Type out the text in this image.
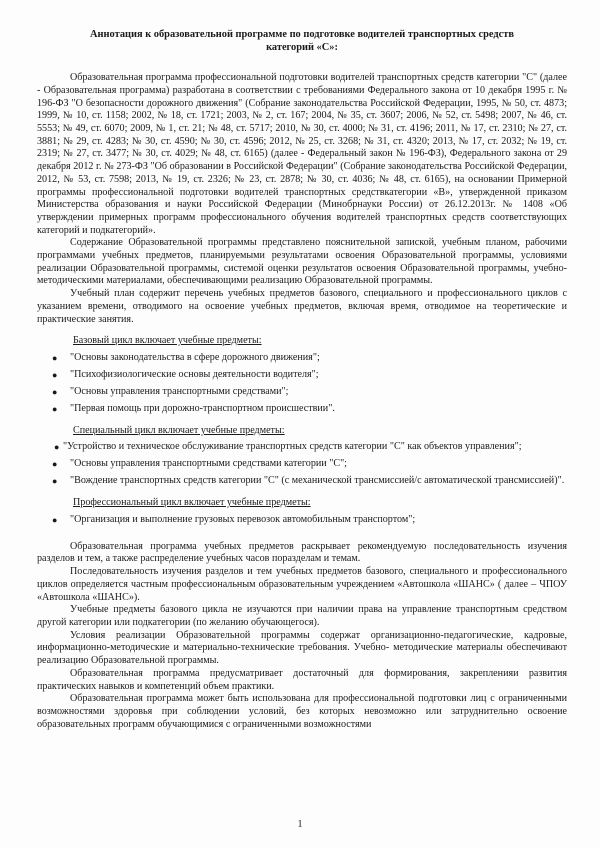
Аннотация к образовательной программе по подготовке водителей транспортных средств категорий «С»:

Образовательная программа профессиональной подготовки водителей транспортных средств категории "С" (далее - Образовательная программа) разработана в соответствии с требованиями Федерального закона от 10 декабря 1995 г. № 196-ФЗ "О безопасности дорожного движения" (Собрание законодательства Российской Федерации, 1995, № 50, ст. 4873; 1999, № 10, ст. 1158; 2002, № 18, ст. 1721; 2003, № 2, ст. 167; 2004, № 35, ст. 3607; 2006, № 52, ст. 5498; 2007, № 46, ст. 5553; № 49, ст. 6070; 2009, № 1, ст. 21; № 48, ст. 5717; 2010, № 30, ст. 4000; № 31, ст. 4196; 2011, № 17, ст. 2310; № 27, ст. 3881; № 29, ст. 4283; № 30, ст. 4590; № 30, ст. 4596; 2012, № 25, ст. 3268; № 31, ст. 4320; 2013, № 17, ст. 2032; № 19, ст. 2319; № 27, ст. 3477; № 30, ст. 4029; № 48, ст. 6165) (далее - Федеральный закон № 196-ФЗ), Федерального закона от 29 декабря 2012 г. № 273-ФЗ "Об образовании в Российской Федерации" (Собрание законодательства Российской Федерации, 2012, № 53, ст. 7598; 2013, № 19, ст. 2326; № 23, ст. 2878; № 30, ст. 4036; № 48, ст. 6165), на основании Примерной программы профессиональной подготовки водителей транспортных средствкатегории «В», утвержденной приказом Министерства образования и науки Российской Федерации (Минобрнауки России) от 26.12.2013г. № 1408 «Об утверждении примерных программ профессионального обучения водителей транспортных средств соответствующих категорий и подкатегорий».

Содержание Образовательной программы представлено пояснительной запиской, учебным планом, рабочими программами учебных предметов, планируемыми результатами освоения Образовательной программы, условиями реализации Образовательной программы, системой оценки результатов освоения Образовательной программы, учебно-методическими материалами, обеспечивающими реализацию Образовательной программы.

Учебный план содержит перечень учебных предметов базового, специального и профессионального циклов с указанием времени, отводимого на освоение учебных предметов, включая время, отводимое на теоретические и практические занятия.

Базовый цикл включает учебные предметы:
● "Основы законодательства в сфере дорожного движения";
● "Психофизиологические основы деятельности водителя";
● "Основы управления транспортными средствами";
● "Первая помощь при дорожно-транспортном происшествии".
Специальный цикл включает учебные предметы:
● "Устройство и техническое обслуживание транспортных средств категории "С" как объектов управления";
● "Основы управления транспортными средствами категории "С";
● "Вождение транспортных средств категории "С" (с механической трансмиссией/с автоматической трансмиссией)".
Профессиональный цикл включает учебные предметы:
● "Организация и выполнение грузовых перевозок автомобильным транспортом";

Образовательная программа учебных предметов раскрывает рекомендуемую последовательность изучения разделов и тем, а также распределение учебных часов поразделам и темам.

Последовательность изучения разделов и тем учебных предметов базового, специального и профессионального циклов определяется частным профессиональным образовательным учреждением «Автошкола «ШАНС» ( далее – ЧПОУ «Автошкола «ШАНС»).

Учебные предметы базового цикла не изучаются при наличии права на управление транспортным средством другой категории или подкатегории (по желанию обучающегося).

Условия реализации Образовательной программы содержат организационно-педагогические, кадровые, информационно-методические и материально-технические требования. Учебно- методические материалы обеспечивают реализацию Образовательной программы.

Образовательная программа предусматривает достаточный для формирования, закрепленияи развития практических навыков и компетенций объем практики.

Образовательная программа может быть использована для профессиональной подготовки лиц с ограниченными возможностями здоровья при соблюдении условий, без которых невозможно или затруднительно освоение образовательных программ обучающимися с ограниченными возможностями

1
